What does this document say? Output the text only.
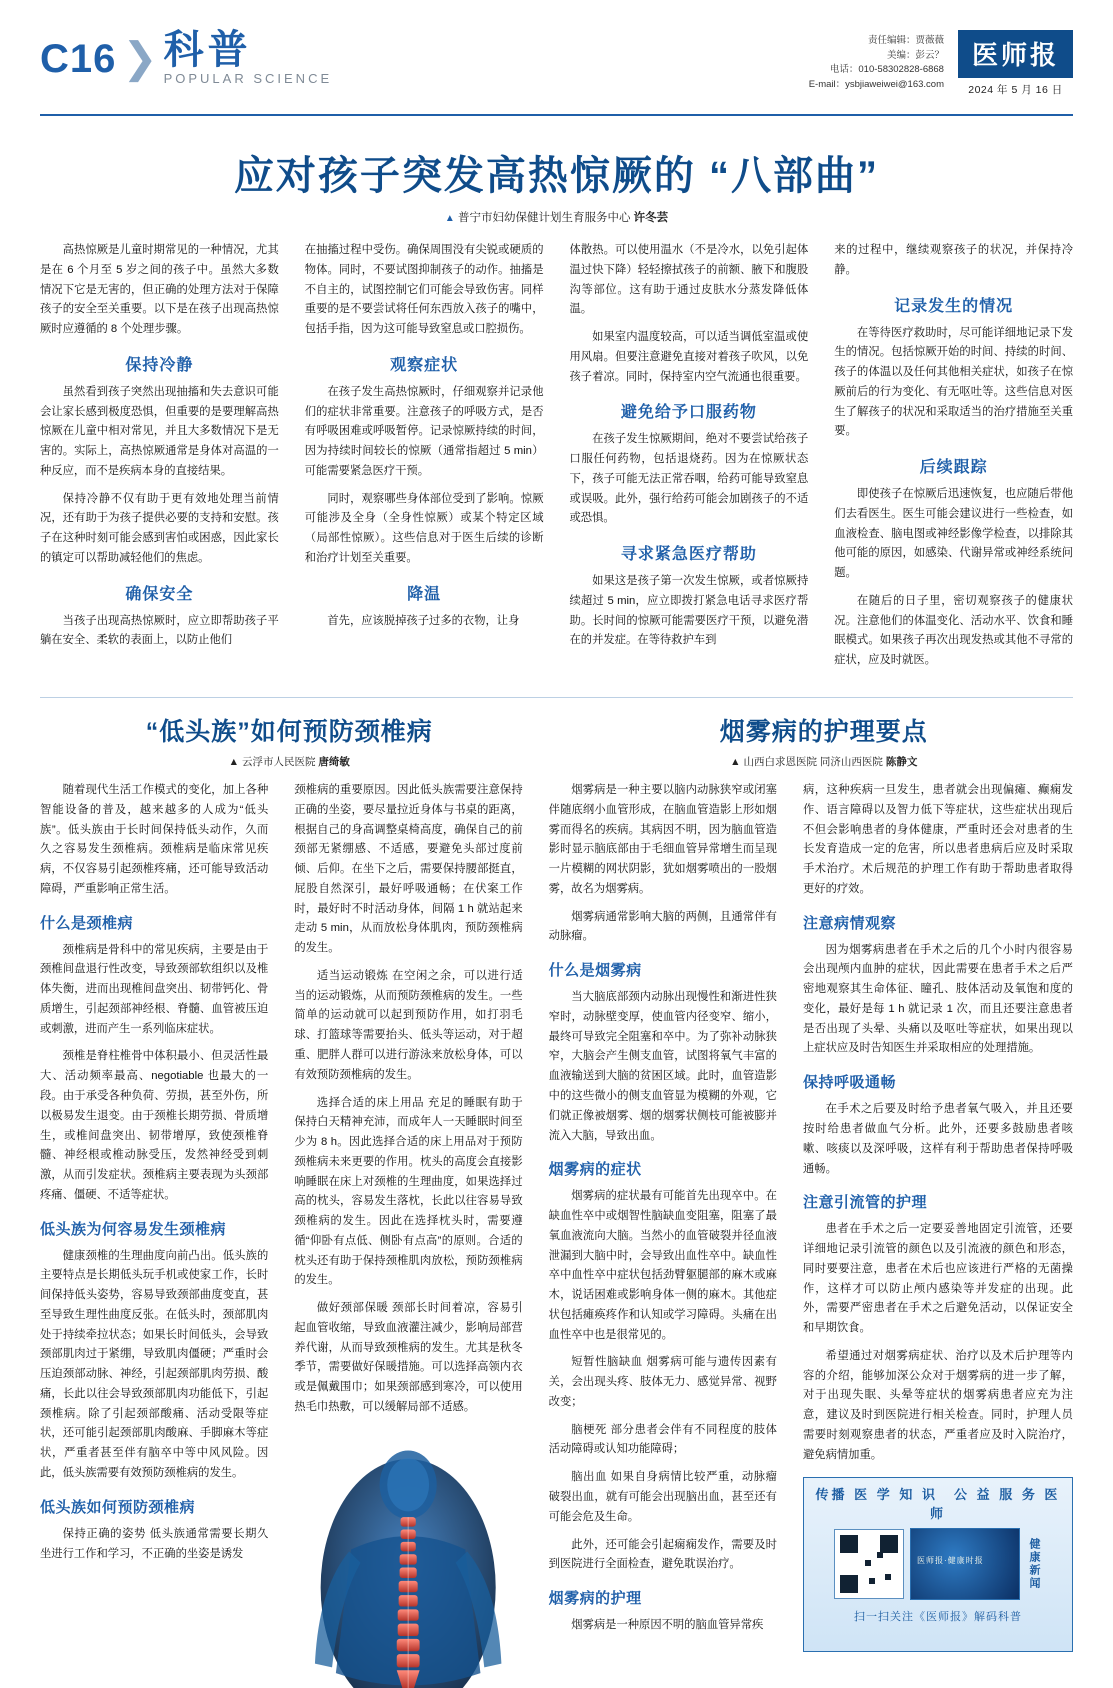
C16 ❯ 科普
POPULAR SCIENCE
责任编辑：贾薇薇
美编：彭云？
电话：010-58302828-6868
E-mail：ysbjiaweiwei@163.com
医师报
2024 年 5 月 16 日
应对孩子突发高热惊厥的 “八部曲”
▲ 普宁市妇幼保健计划生育服务中心 许冬芸

高热惊厥是儿童时期常见的一种情况，尤其是在 6 个月至 5 岁之间的孩子中。虽然大多数情况下它是无害的，但正确的处理方法对于保障孩子的安全至关重要。以下是在孩子出现高热惊厥时应遵循的 8 个处理步骤。

保持冷静

虽然看到孩子突然出现抽搐和失去意识可能会让家长感到极度恐惧，但重要的是要理解高热惊厥在儿童中相对常见，并且大多数情况下是无害的。实际上，高热惊厥通常是身体对高温的一种反应，而不是疾病本身的直接结果。

保持冷静不仅有助于更有效地处理当前情况，还有助于为孩子提供必要的支持和安慰。孩子在这种时刻可能会感到害怕或困惑，因此家长的镇定可以帮助减轻他们的焦虑。

确保安全

当孩子出现高热惊厥时，应立即帮助孩子平躺在安全、柔软的表面上，以防止他们

在抽搐过程中受伤。确保周围没有尖锐或硬质的物体。同时，不要试图抑制孩子的动作。抽搐是不自主的，试图控制它们可能会导致伤害。同样重要的是不要尝试将任何东西放入孩子的嘴中，包括手指，因为这可能导致窒息或口腔损伤。

观察症状

在孩子发生高热惊厥时，仔细观察并记录他们的症状非常重要。注意孩子的呼吸方式，是否有呼吸困难或呼吸暂停。记录惊厥持续的时间，因为持续时间较长的惊厥（通常指超过 5 min）可能需要紧急医疗干预。

同时，观察哪些身体部位受到了影响。惊厥可能涉及全身（全身性惊厥）或某个特定区域（局部性惊厥）。这些信息对于医生后续的诊断和治疗计划至关重要。

降温

首先，应该脱掉孩子过多的衣物，让身

体散热。可以使用温水（不是冷水，以免引起体温过快下降）轻轻擦拭孩子的前额、腋下和腹股沟等部位。这有助于通过皮肤水分蒸发降低体温。

如果室内温度较高，可以适当调低室温或使用风扇。但要注意避免直接对着孩子吹风，以免孩子着凉。同时，保持室内空气流通也很重要。

避免给予口服药物

在孩子发生惊厥期间，绝对不要尝试给孩子口服任何药物，包括退烧药。因为在惊厥状态下，孩子可能无法正常吞咽，给药可能导致窒息或误吸。此外，强行给药可能会加剧孩子的不适或恐惧。

寻求紧急医疗帮助

如果这是孩子第一次发生惊厥，或者惊厥持续超过 5 min，应立即拨打紧急电话寻求医疗帮助。长时间的惊厥可能需要医疗干预，以避免潜在的并发症。在等待救护车到

来的过程中，继续观察孩子的状况，并保持冷静。

记录发生的情况

在等待医疗救助时，尽可能详细地记录下发生的情况。包括惊厥开始的时间、持续的时间、孩子的体温以及任何其他相关症状，如孩子在惊厥前后的行为变化、有无呕吐等。这些信息对医生了解孩子的状况和采取适当的治疗措施至关重要。

后续跟踪

即使孩子在惊厥后迅速恢复，也应随后带他们去看医生。医生可能会建议进行一些检查，如血液检查、脑电图或神经影像学检查，以排除其他可能的原因，如感染、代谢异常或神经系统问题。

在随后的日子里，密切观察孩子的健康状况。注意他们的体温变化、活动水平、饮食和睡眠模式。如果孩子再次出现发热或其他不寻常的症状，应及时就医。

“低头族”如何预防颈椎病
▲ 云浮市人民医院 唐绮敏
烟雾病的护理要点
▲ 山西白求恩医院 同济山西医院 陈静文

随着现代生活工作模式的变化，加上各种智能设备的普及，越来越多的人成为“低头族”。低头族由于长时间保持低头动作，久而久之容易发生颈椎病。颈椎病是临床常见疾病，不仅容易引起颈椎疼痛，还可能导致活动障碍，严重影响正常生活。

什么是颈椎病

颈椎病是骨科中的常见疾病，主要是由于颈椎间盘退行性改变，导致颈部软组织以及椎体失衡，进而出现椎间盘突出、韧带钙化、骨质增生，引起颈部神经根、脊髓、血管被压迫或刺激，进而产生一系列临床症状。

颈椎是脊柱椎骨中体积最小、但灵活性最大、活动频率最高、negotiable 也最大的一段。由于承受各种负荷、劳损，甚至外伤，所以极易发生退变。由于颈椎长期劳损、骨质增生，或椎间盘突出、韧带增厚，致使颈椎脊髓、神经根或椎动脉受压，发然神经受到刺激，从而引发症状。颈椎病主要表现为头颈部疼痛、僵硬、不适等症状。

低头族为何容易发生颈椎病

健康颈椎的生理曲度向前凸出。低头族的主要特点是长期低头玩手机或使家工作，长时间保持低头姿势，容易导致颈部曲度变直，甚至导致生理性曲度反张。在低头时，颈部肌肉处于持续牵拉状态；如果长时间低头，会导致颈部肌肉过于紧绷，导致肌肉僵硬；严重时会压迫颈部动脉、神经，引起颈部肌肉劳损、酸痛，长此以往会导致颈部肌肉功能低下，引起颈椎病。除了引起颈部酸痛、活动受限等症状，还可能引起颈部肌肉酸麻、手脚麻木等症状，严重者甚至伴有脑卒中等中风风险。因此，低头族需要有效预防颈椎病的发生。

低头族如何预防颈椎病

保持正确的姿势 低头族通常需要长期久坐进行工作和学习，不正确的坐姿是诱发

颈椎病的重要原因。因此低头族需要注意保持正确的坐姿，要尽量拉近身体与书桌的距离，根据自己的身高调整桌椅高度，确保自己的前颈部无紧绷感、不适感，要避免头部过度前倾、后仰。在坐下之后，需要保持腰部挺直，屁股自然深引，最好呼吸通畅；在伏案工作时，最好时不时活动身体，间隔 1 h 就站起来走动 5 min，从而放松身体肌肉，预防颈椎病的发生。

适当运动锻炼 在空闲之余，可以进行适当的运动锻炼，从而预防颈椎病的发生。一些简单的运动就可以起到预防作用，如打羽毛球、打篮球等需要抬头、低头等运动，对于超重、肥胖人群可以进行游泳来放松身体，可以有效预防颈椎病的发生。

选择合适的床上用品 充足的睡眠有助于保持白天精神充沛，而成年人一天睡眠时间至少为 8 h。因此选择合适的床上用品对于预防颈椎病未来更要的作用。枕头的高度会直接影响睡眠在床上对颈椎的生理曲度，如果选择过高的枕头，容易发生落枕，长此以往容易导致颈椎病的发生。因此在选择枕头时，需要遵循“仰卧有点低、侧卧有点高”的原则。合适的枕头还有助于保持颈椎肌肉放松，预防颈椎病的发生。

做好颈部保暖 颈部长时间着凉，容易引起血管收缩，导致血液灌注减少，影响局部营养代谢，从而导致颈椎病的发生。尤其是秋冬季节，需要做好保暖措施。可以选择高领内衣或是佩戴围巾；如果颈部感到寒冷，可以使用热毛巾热敷，可以缓解局部不适感。

烟雾病是一种主要以脑内动脉狭窄或闭塞伴随底纲小血管形成，在脑血管造影上形如烟雾而得名的疾病。其病因不明，因为脑血管造影时显示脑底部由于毛细血管异常增生而呈现一片模糊的网状阴影，犹如烟雾喷出的一股烟雾，故名为烟雾病。

烟雾病通常影响大脑的两侧，且通常伴有动脉瘤。

什么是烟雾病

当大脑底部颈内动脉出现慢性和渐进性狭窄时，动脉壁变厚，使血管内径变窄、缩小，最终可导致完全阻塞和卒中。为了弥补动脉狭窄，大脑会产生侧支血管，试图将氧气丰富的血液输送到大脑的贫困区域。此时，血管造影中的这些微小的侧支血管显为模糊的外观，它们就正像被烟雾、烟的烟雾状侧枝可能被膨并流入大脑，导致出血。

烟雾病的症状

烟雾病的症状最有可能首先出现卒中。在缺血性卒中或烟智性脑缺血变阻塞，阻塞了最氧血液流向大脑。当然小的血管破裂并径血液泄漏到大脑中时，会导致出血性卒中。缺血性卒中血性卒中症状包括劲臂躯腿部的麻木或麻木，说话困难或影响身体一侧的麻木。其他症状包括瘫痪疼作和认知或学习障碍。头痛在出血性卒中也是很常见的。

短暂性脑缺血 烟雾病可能与遗传因素有关，会出现头疼、肢体无力、感觉异常、视野改变；

脑梗死 部分患者会伴有不同程度的肢体活动障碍或认知功能障碍；

脑出血 如果自身病情比较严重，动脉瘤破裂出血，就有可能会出现脑出血，甚至还有可能会危及生命。

此外，还可能会引起痫痫发作，需要及时到医院进行全面检查，避免耽误治疗。

烟雾病的护理

烟雾病是一种原因不明的脑血管异常疾

病，这种疾病一旦发生，患者就会出现偏瘫、癫痫发作、语言障碍以及智力低下等症状，这些症状出现后不但会影响患者的身体健康，严重时还会对患者的生长发育造成一定的危害，所以患者患病后应及时采取手术治疗。术后规范的护理工作有助于帮助患者取得更好的疗效。

注意病情观察

因为烟雾病患者在手术之后的几个小时内很容易会出现颅内血肿的症状，因此需要在患者手术之后严密地观察其生命体征、瞳孔、肢体活动及氧饱和度的变化，最好是每 1 h 就记录 1 次，而且还要注意患者是否出现了头晕、头痛以及呕吐等症状，如果出现以上症状应及时告知医生并采取相应的处理措施。

保持呼吸通畅

在手术之后要及时给予患者氧气吸入，并且还要按时给患者做血气分析。此外，还要多鼓励患者咳嗽、咳痰以及深呼吸，这样有利于帮助患者保持呼吸通畅。

注意引流管的护理

患者在手术之后一定要妥善地固定引流管，还要详细地记录引流管的颜色以及引流液的颜色和形态，同时要要注意，患者在术后也应该进行严格的无菌操作，这样才可以防止颅内感染等并发症的出现。此外，需要严密患者在手术之后避免活动，以保证安全和早期饮食。

希望通过对烟雾病症状、治疗以及术后护理等内容的介绍，能够加深公众对于烟雾病的进一步了解，对于出现失眠、头晕等症状的烟雾病患者应充为注意，建议及时到医院进行相关检查。同时，护理人员需要时刻观察患者的状态，严重者应及时入院治疗，避免病情加重。

传播 医 学 知 识　公 益 服 务 医 师
医师报·健康时报	健康新闻
扫一扫关注《医师报》解码科普
